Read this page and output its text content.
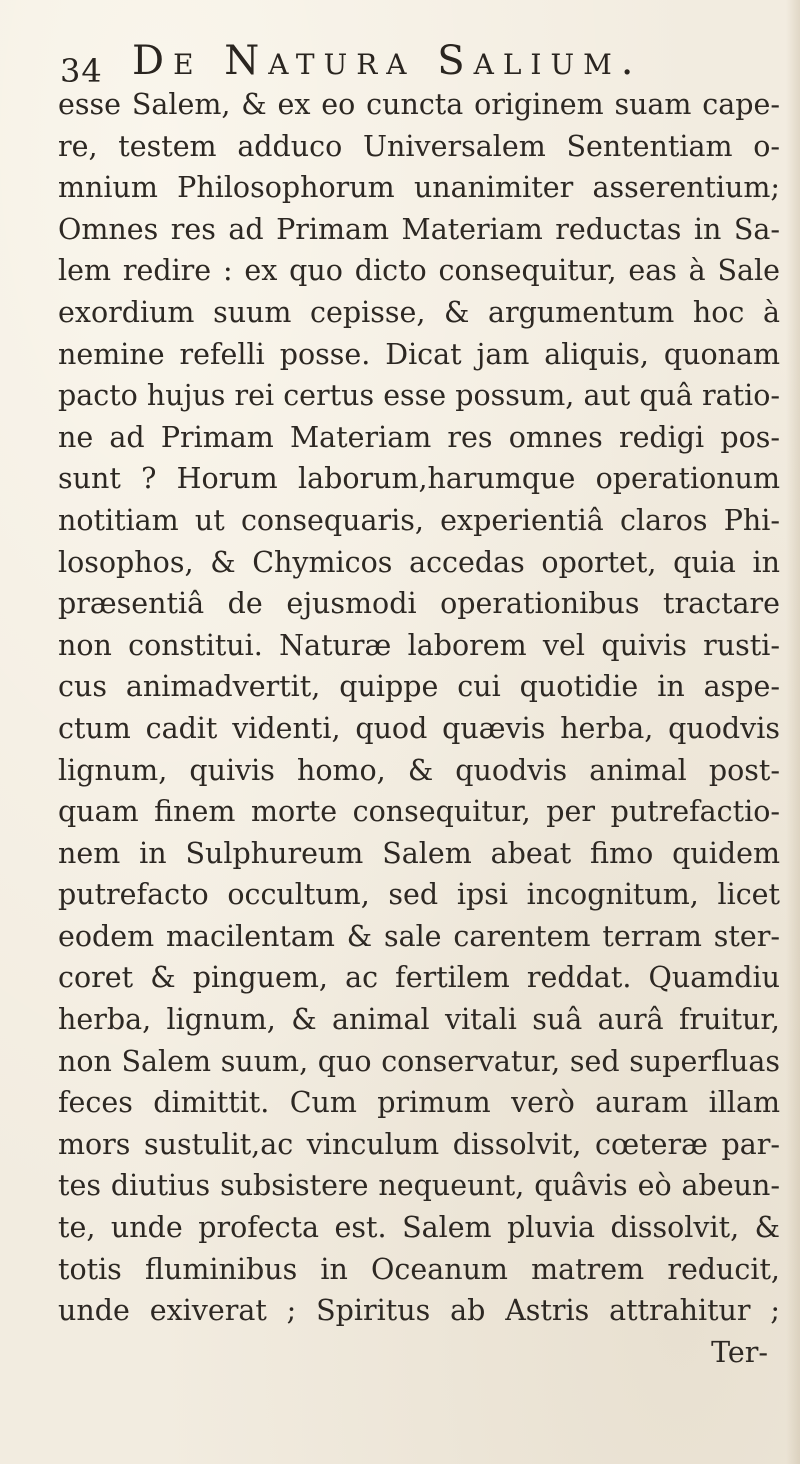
34 De Natura Salium.
esse Salem, & ex eo cuncta originem suam cape-
re, testem adduco Universalem Sententiam o-
mnium Philosophorum unanimiter asserentium;
Omnes res ad Primam Materiam reductas in Sa-
lem redire : ex quo dicto consequitur, eas à Sale
exordium suum cepisse, & argumentum hoc à
nemine refelli posse. Dicat jam aliquis, quonam
pacto hujus rei certus esse possum, aut quâ ratio-
ne ad Primam Materiam res omnes redigi pos-
sunt ? Horum laborum,harumque operationum
notitiam ut consequaris, experientiâ claros Phi-
losophos, & Chymicos accedas oportet, quia in
præsentiâ de ejusmodi operationibus tractare
non constitui. Naturæ laborem vel quivis rusti-
cus animadvertit, quippe cui quotidie in aspe-
ctum cadit videnti, quod quævis herba, quodvis
lignum, quivis homo, & quodvis animal post-
quam finem morte consequitur, per putrefactio-
nem in Sulphureum Salem abeat fimo quidem
putrefacto occultum, sed ipsi incognitum, licet
eodem macilentam & sale carentem terram ster-
coret & pinguem, ac fertilem reddat. Quamdiu
herba, lignum, & animal vitali suâ aurâ fruitur,
non Salem suum, quo conservatur, sed superfluas
feces dimittit. Cum primum verò auram illam
mors sustulit,ac vinculum dissolvit, cœteræ par-
tes diutius subsistere nequeunt, quâvis eò abeun-
te, unde profecta est. Salem pluvia dissolvit, &
totis fluminibus in Oceanum matrem reducit,
unde exiverat ; Spiritus ab Astris attrahitur ;
Ter-
